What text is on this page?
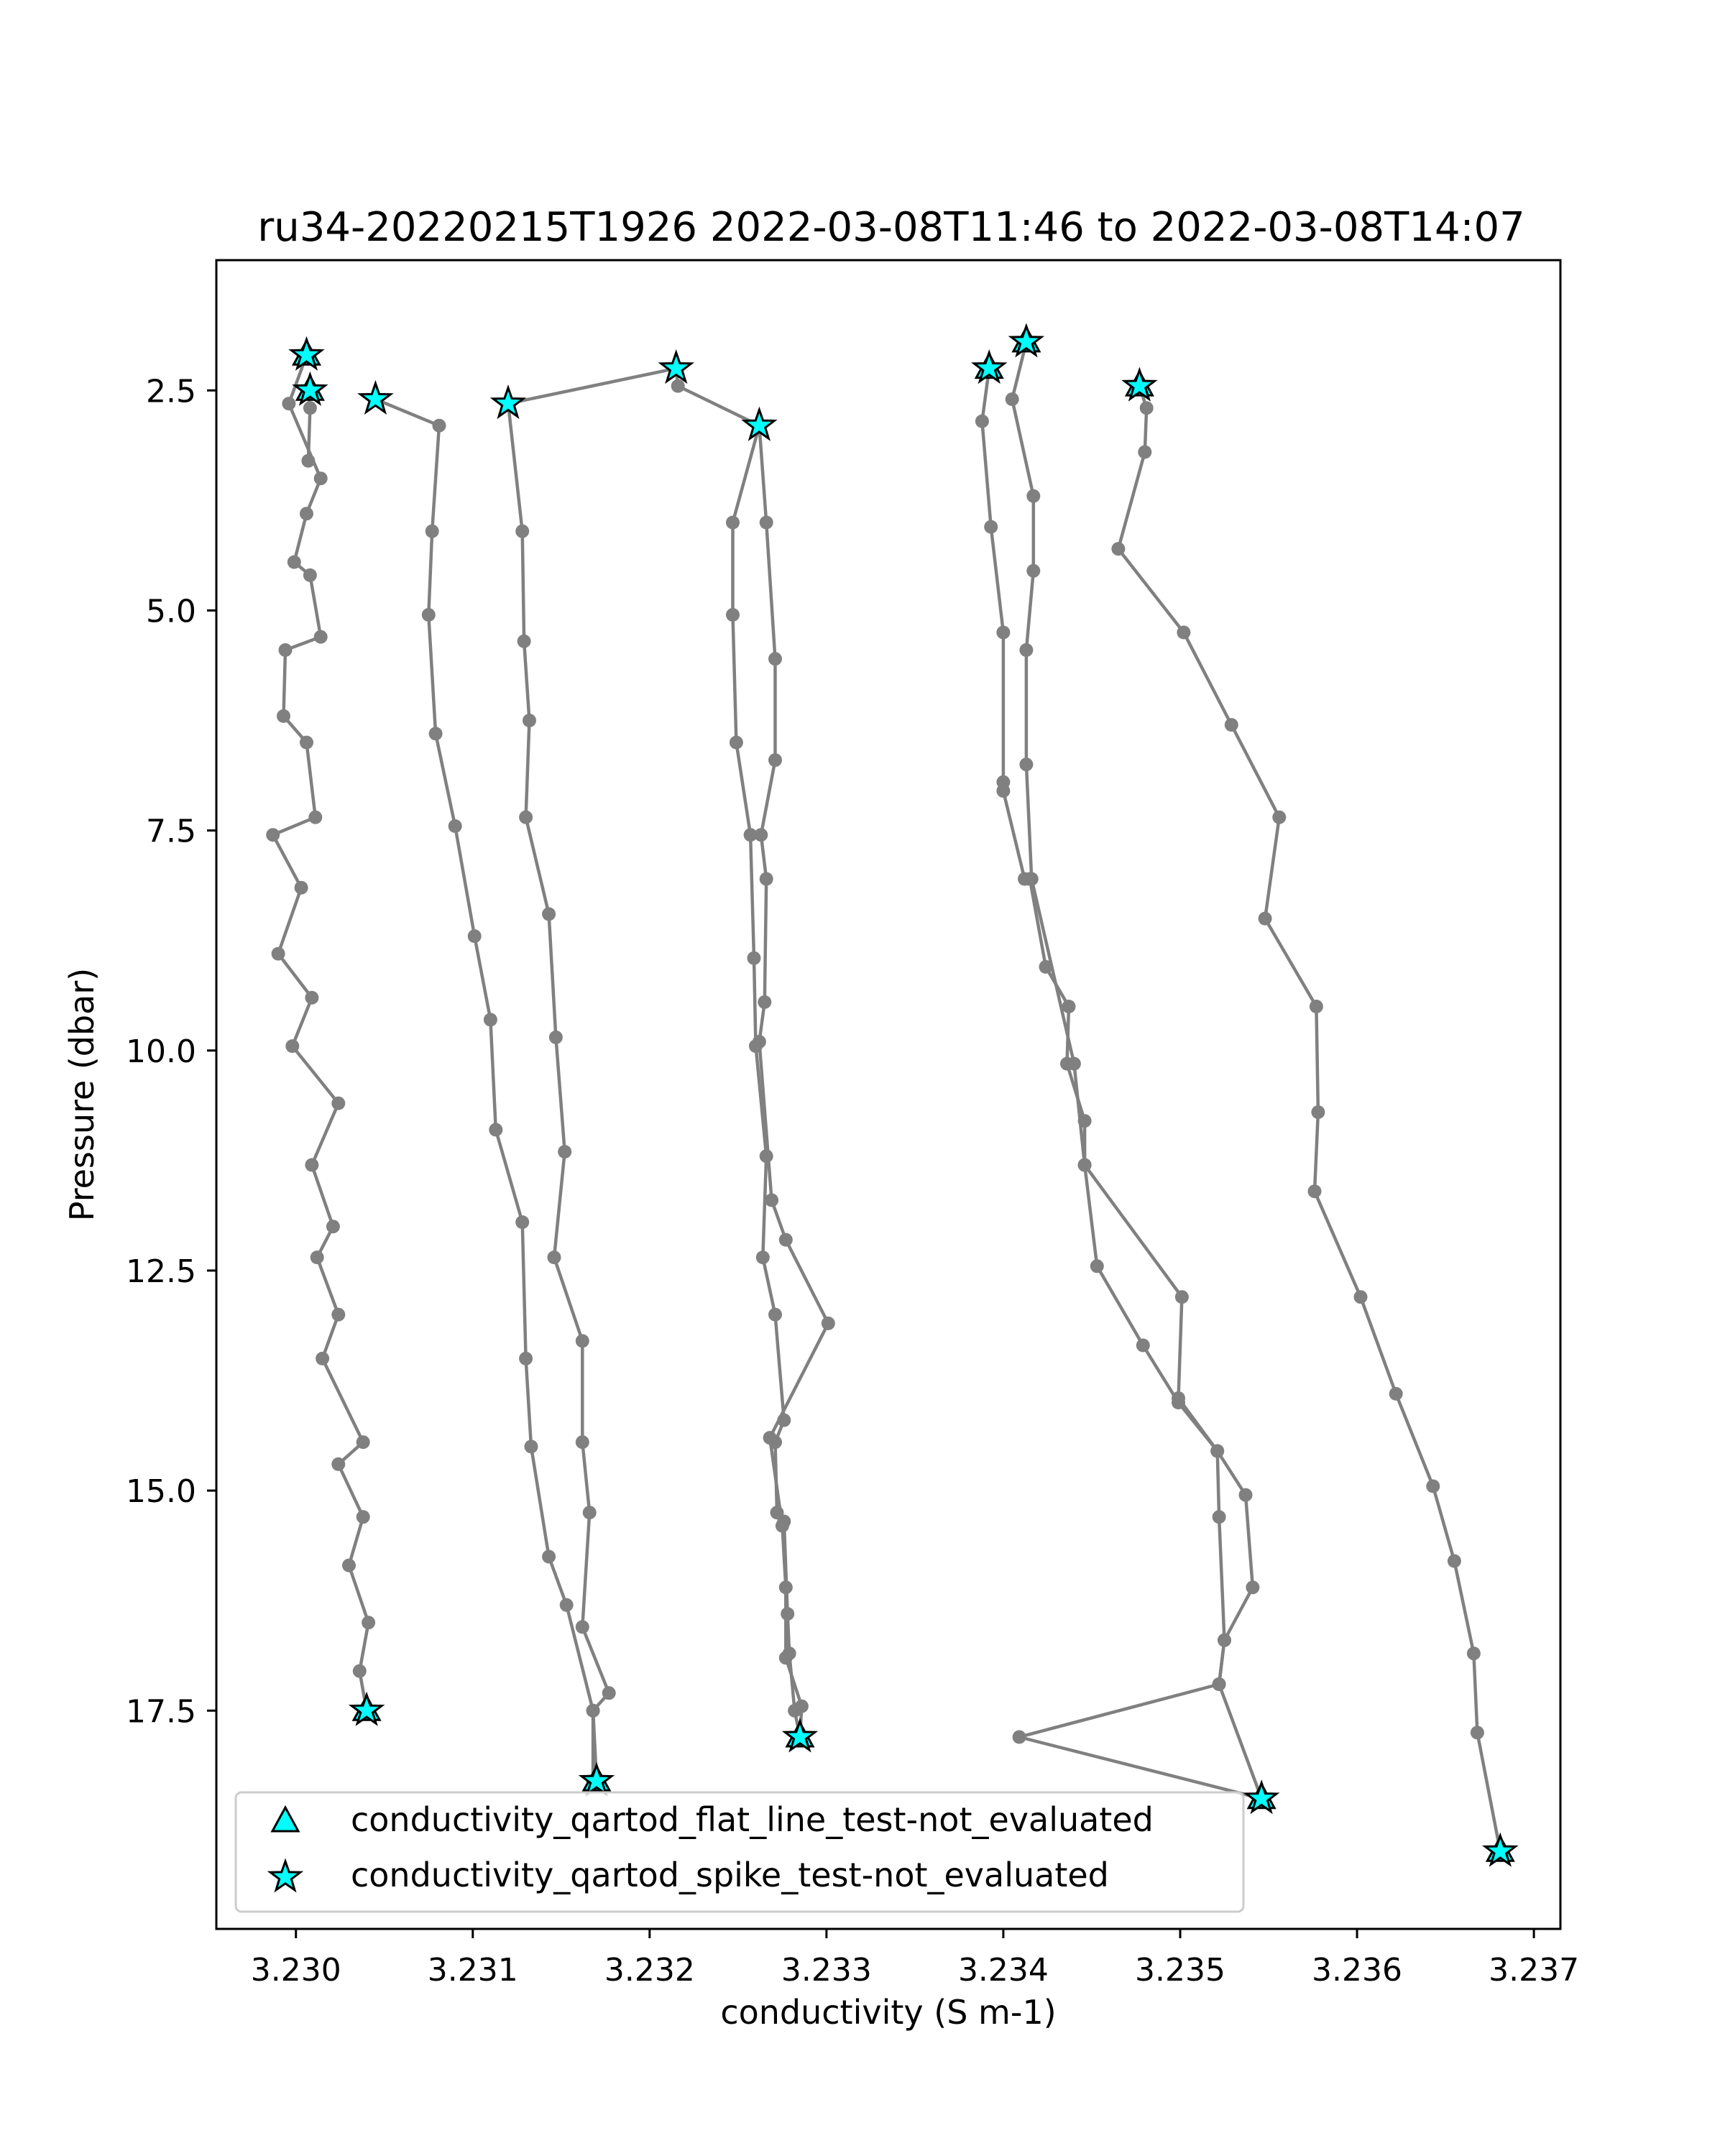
ru34-20220215T1926 2022-03-08T11:46 to 2022-03-08T14:07
3.230	3.231	3.232	3.233	3.234	3.235	3.236	3.237
2.5
5.0
7.5
10.0
12.5
15.0
17.5
conductivity (S m-1)
Pressure (dbar)
conductivity_qartod_flat_line_test-not_evaluated
conductivity_qartod_spike_test-not_evaluated
